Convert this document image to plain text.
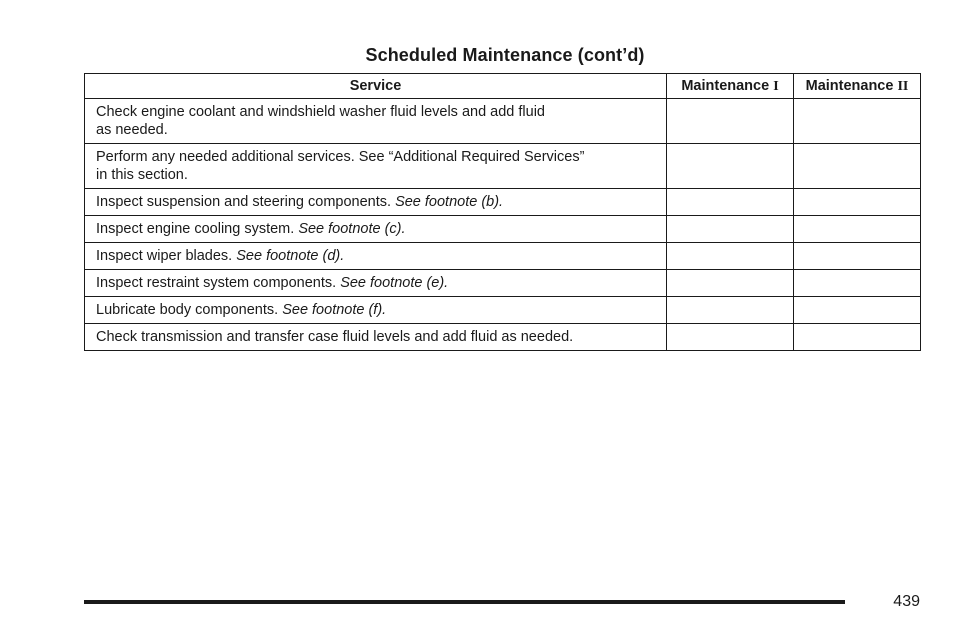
Scheduled Maintenance (cont’d)
Service	Maintenance I	Maintenance II
Check engine coolant and windshield washer fluid levels and add fluid
as needed.		
Perform any needed additional services. See “Additional Required Services”
in this section.		
Inspect suspension and steering components. See footnote (b).		
Inspect engine cooling system. See footnote (c).		
Inspect wiper blades. See footnote (d).		
Inspect restraint system components. See footnote (e).		
Lubricate body components. See footnote (f).		
Check transmission and transfer case fluid levels and add fluid as needed.		
439
